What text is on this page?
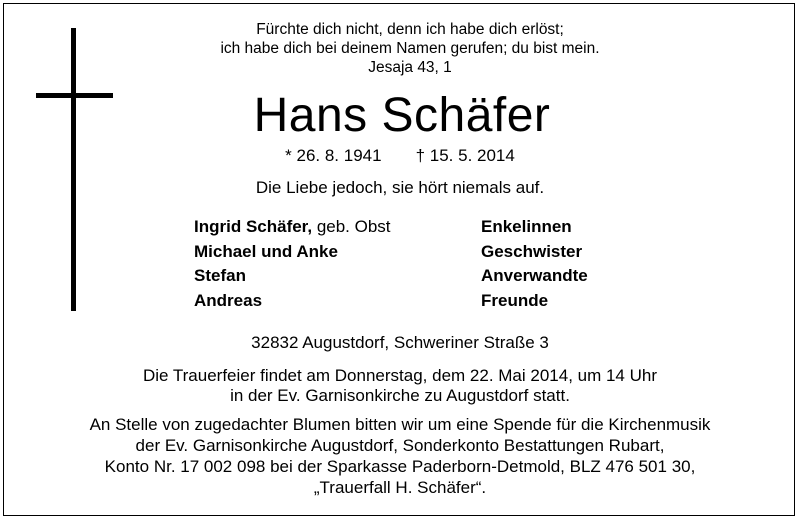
Fürchte dich nicht, denn ich habe dich erlöst;
ich habe dich bei deinem Namen gerufen; du bist mein.
Jesaja 43, 1
Hans Schäfer
* 26. 8. 1941 † 15. 5. 2014
Die Liebe jedoch, sie hört niemals auf.
Ingrid Schäfer, geb. Obst
Michael und Anke
Stefan
Andreas
Enkelinnen
Geschwister
Anverwandte
Freunde
32832 Augustdorf, Schweriner Straße 3
Die Trauerfeier findet am Donnerstag, dem 22. Mai 2014, um 14 Uhr
in der Ev. Garnisonkirche zu Augustdorf statt.
An Stelle von zugedachter Blumen bitten wir um eine Spende für die Kirchenmusik
der Ev. Garnisonkirche Augustdorf, Sonderkonto Bestattungen Rubart,
Konto Nr. 17 002 098 bei der Sparkasse Paderborn-Detmold, BLZ 476 501 30,
„Trauerfall H. Schäfer“.
